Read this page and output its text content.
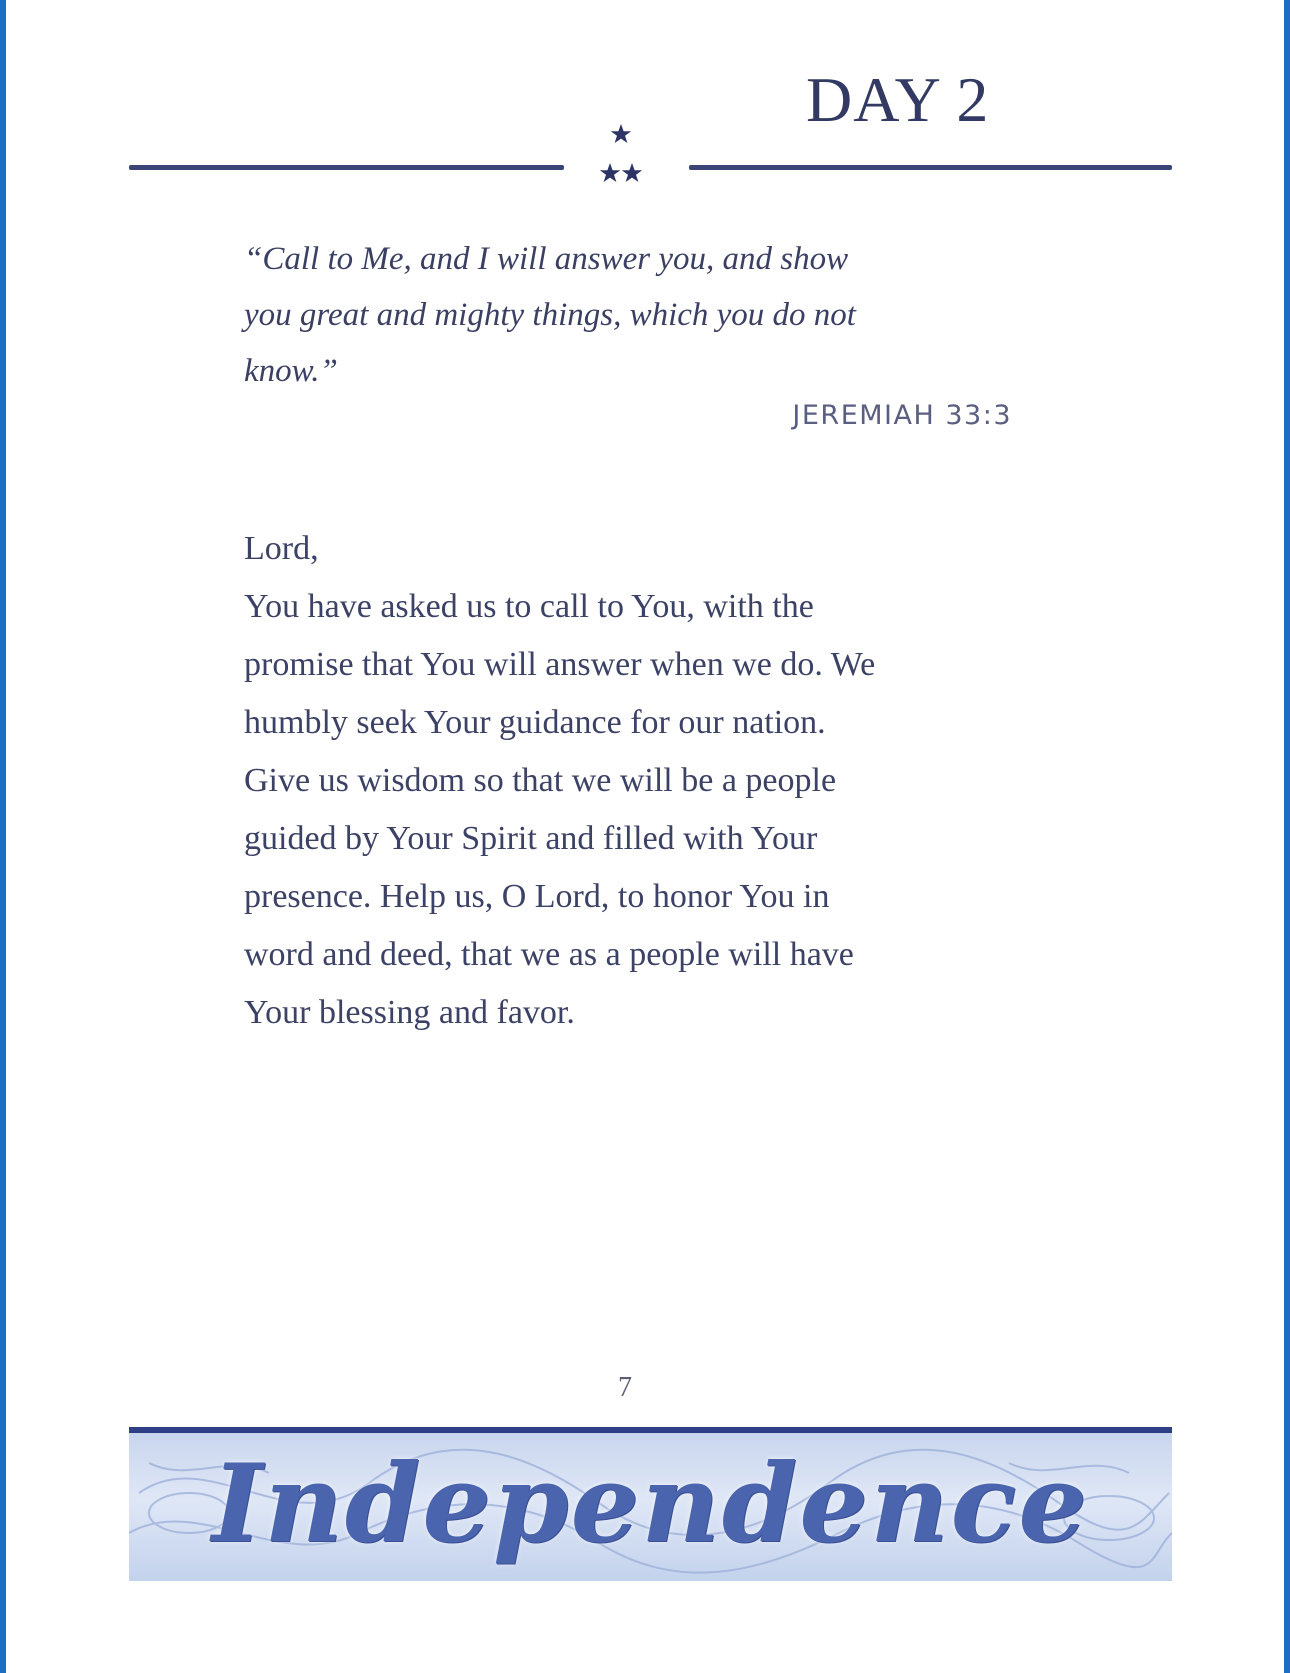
DAY 2
“Call to Me, and I will answer you, and show
you great and mighty things, which you do not
know.”
JEREMIAH 33:3
Lord,
You have asked us to call to You, with the
promise that You will answer when we do. We
humbly seek Your guidance for our nation.
Give us wisdom so that we will be a people
guided by Your Spirit and filled with Your
presence. Help us, O Lord, to honor You in
word and deed, that we as a people will have
Your blessing and favor.
7
Independence
